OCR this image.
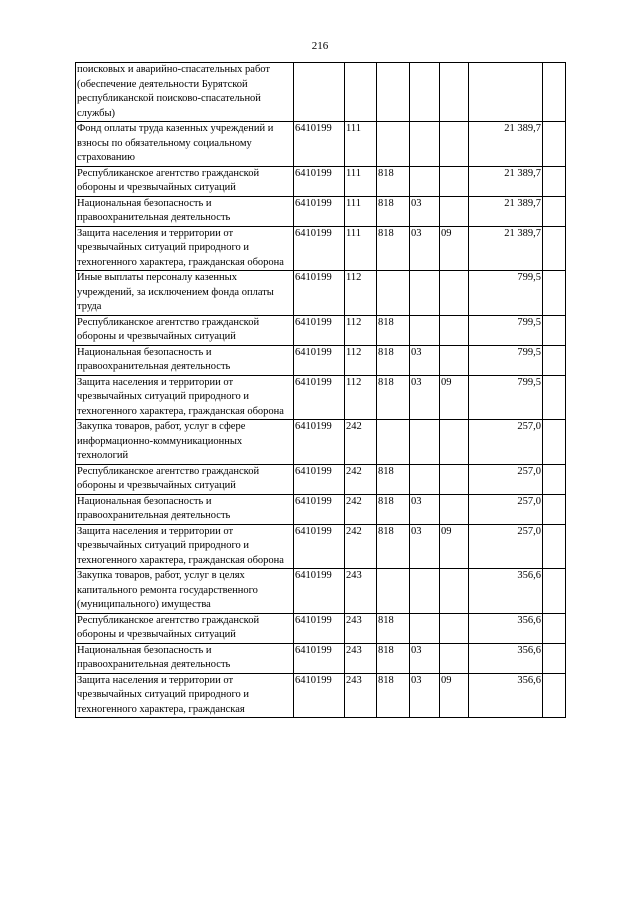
216
поисковых и аварийно-спасательных работ (обеспечение деятельности Бурятской республиканской поисково-спасательной службы)							
Фонд оплаты труда казенных учреждений и взносы по обязательному социальному страхованию	6410199	111				21 389,7	
Республиканское агентство гражданской обороны и чрезвычайных ситуаций	6410199	111	818			21 389,7	
Национальная безопасность и правоохранительная деятельность	6410199	111	818	03		21 389,7	
Защита населения и территории от чрезвычайных ситуаций природного и техногенного характера, гражданская оборона	6410199	111	818	03	09	21 389,7	
Иные выплаты персоналу казенных учреждений, за исключением фонда оплаты труда	6410199	112				799,5	
Республиканское агентство гражданской обороны и чрезвычайных ситуаций	6410199	112	818			799,5	
Национальная безопасность и правоохранительная деятельность	6410199	112	818	03		799,5	
Защита населения и территории от чрезвычайных ситуаций природного и техногенного характера, гражданская оборона	6410199	112	818	03	09	799,5	
Закупка товаров, работ, услуг в сфере информационно-коммуникационных технологий	6410199	242				257,0	
Республиканское агентство гражданской обороны и чрезвычайных ситуаций	6410199	242	818			257,0	
Национальная безопасность и правоохранительная деятельность	6410199	242	818	03		257,0	
Защита населения и территории от чрезвычайных ситуаций природного и техногенного характера, гражданская оборона	6410199	242	818	03	09	257,0	
Закупка товаров, работ, услуг в целях капитального ремонта государственного (муниципального) имущества	6410199	243				356,6	
Республиканское агентство гражданской обороны и чрезвычайных ситуаций	6410199	243	818			356,6	
Национальная безопасность и правоохранительная деятельность	6410199	243	818	03		356,6	
Защита населения и территории от чрезвычайных ситуаций природного и техногенного характера, гражданская	6410199	243	818	03	09	356,6	
